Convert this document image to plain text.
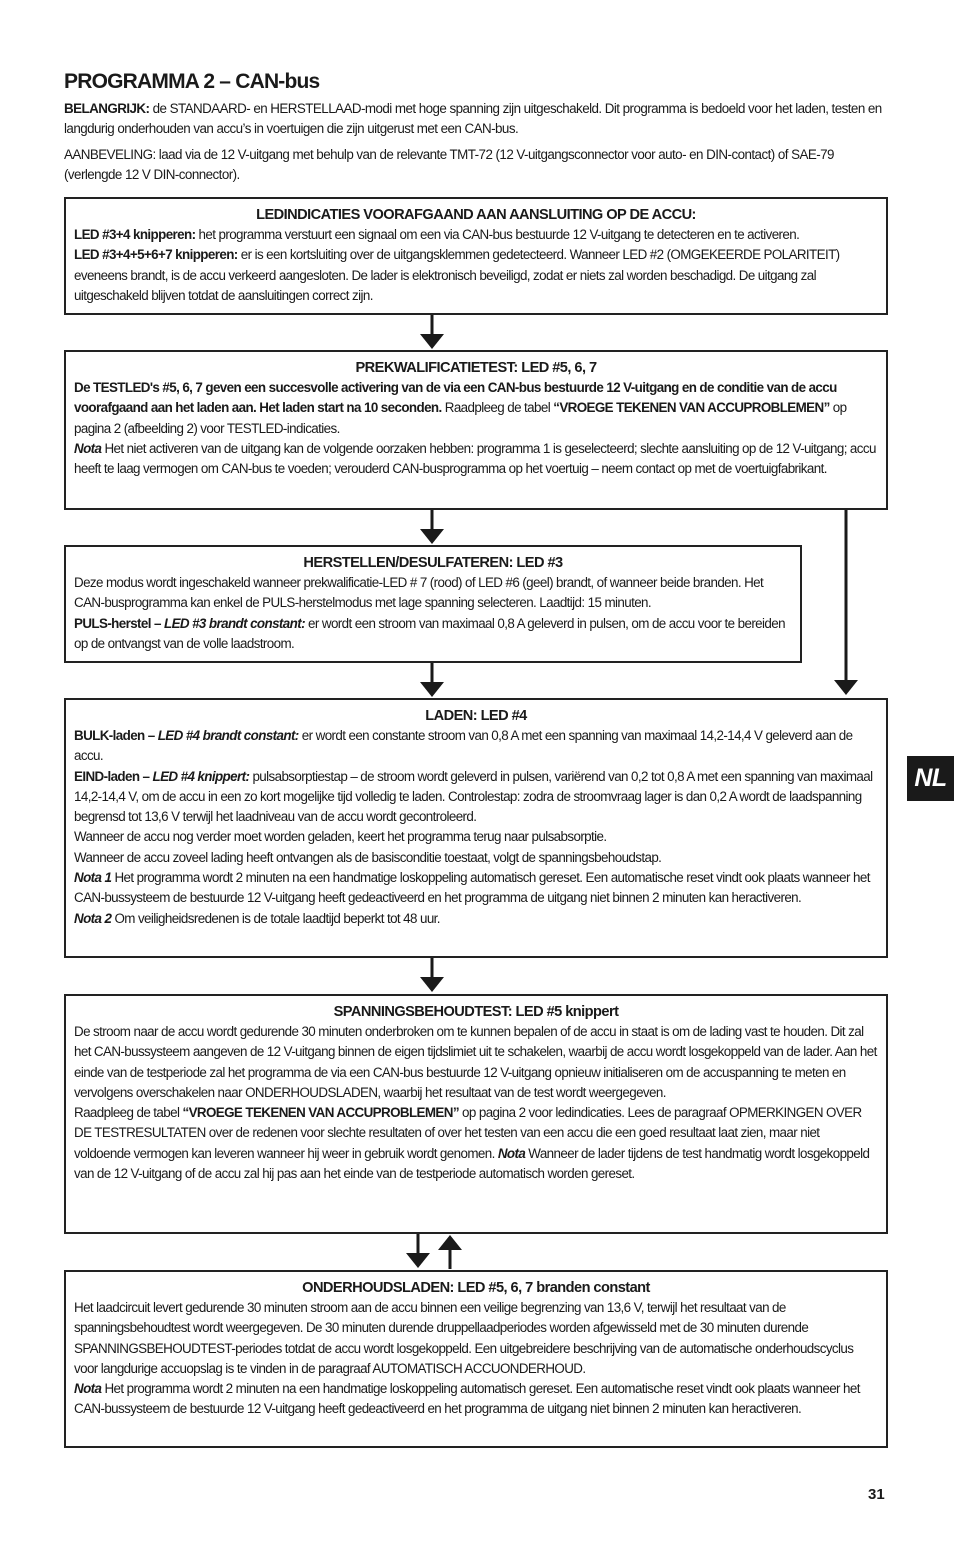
PROGRAMMA 2 – CAN-bus
BELANGRIJK: de STANDAARD- en HERSTELLAAD-modi met hoge spanning zijn uitgeschakeld. Dit programma is bedoeld voor het laden, testen en langdurig onderhouden van accu’s in voertuigen die zijn uitgerust met een CAN-bus.
AANBEVELING: laad via de 12 V-uitgang met behulp van de relevante TMT-72 (12 V-uitgangsconnector voor auto- en DIN-contact) of SAE-79 (verlengde 12 V DIN-connector).
LEDINDICATIES VOORAFGAAND AAN AANSLUITING OP DE ACCU:

LED #3+4 knipperen: het programma verstuurt een signaal om een via CAN-bus bestuurde 12 V-uitgang te detecteren en te activeren.
LED #3+4+5+6+7 knipperen: er is een kortsluiting over de uitgangsklemmen gedetecteerd. Wanneer LED #2 (OMGEKEERDE POLARITEIT) eveneens brandt, is de accu verkeerd aangesloten. De lader is elektronisch beveiligd, zodat er niets zal worden beschadigd. De uitgang zal uitgeschakeld blijven totdat de aansluitingen correct zijn.

PREKWALIFICATIETEST: LED #5, 6, 7

De TESTLED's #5, 6, 7 geven een succesvolle activering van de via een CAN-bus bestuurde 12 V-uitgang en de conditie van de accu voorafgaand aan het laden aan. Het laden start na 10 seconden. Raadpleeg de tabel “VROEGE TEKENEN VAN ACCUPROBLEMEN” op pagina 2 (afbeelding 2) voor TESTLED-indicaties.
Nota Het niet activeren van de uitgang kan de volgende oorzaken hebben: programma 1 is geselecteerd; slechte aansluiting op de 12 V-uitgang; accu heeft te laag vermogen om CAN-bus te voeden; verouderd CAN-busprogramma op het voertuig – neem contact op met de voertuigfabrikant.

HERSTELLEN/DESULFATEREN: LED #3

Deze modus wordt ingeschakeld wanneer prekwalificatie-LED # 7 (rood) of LED #6 (geel) brandt, of wanneer beide branden. Het CAN-busprogramma kan enkel de PULS-herstelmodus met lage spanning selecteren. Laadtijd: 15 minuten.
PULS-herstel – LED #3 brandt constant: er wordt een stroom van maximaal 0,8 A geleverd in pulsen, om de accu voor te bereiden op de ontvangst van de volle laadstroom.

LADEN: LED #4

BULK-laden – LED #4 brandt constant: er wordt een constante stroom van 0,8 A met een spanning van maximaal 14,2-14,4 V geleverd aan de accu.
EIND-laden – LED #4 knippert: pulsabsorptiestap – de stroom wordt geleverd in pulsen, variërend van 0,2 tot 0,8 A met een spanning van maximaal 14,2-14,4 V, om de accu in een zo kort mogelijke tijd volledig te laden. Controlestap: zodra de stroomvraag lager is dan 0,2 A wordt de laadspanning begrensd tot 13,6 V terwijl het laadniveau van de accu wordt gecontroleerd.
Wanneer de accu nog verder moet worden geladen, keert het programma terug naar pulsabsorptie.
Wanneer de accu zoveel lading heeft ontvangen als de basisconditie toestaat, volgt de spanningsbehoudstap.
Nota 1 Het programma wordt 2 minuten na een handmatige loskoppeling automatisch gereset. Een automatische reset vindt ook plaats wanneer het CAN-bussysteem de bestuurde 12 V-uitgang heeft gedeactiveerd en het programma de uitgang niet binnen 2 minuten kan heractiveren.
Nota 2 Om veiligheidsredenen is de totale laadtijd beperkt tot 48 uur.

SPANNINGSBEHOUDTEST: LED #5 knippert

De stroom naar de accu wordt gedurende 30 minuten onderbroken om te kunnen bepalen of de accu in staat is om de lading vast te houden. Dit zal het CAN-bussysteem aangeven de 12 V-uitgang binnen de eigen tijdslimiet uit te schakelen, waarbij de accu wordt losgekoppeld van de lader. Aan het einde van de testperiode zal het programma de via een CAN-bus bestuurde 12 V-uitgang opnieuw initialiseren om de accuspanning te meten en vervolgens overschakelen naar ONDERHOUDSLADEN, waarbij het resultaat van de test wordt weergegeven.
Raadpleeg de tabel “VROEGE TEKENEN VAN ACCUPROBLEMEN” op pagina 2 voor ledindicaties. Lees de paragraaf OPMERKINGEN OVER DE TESTRESULTATEN over de redenen voor slechte resultaten of over het testen van een accu die een goed resultaat laat zien, maar niet voldoende vermogen kan leveren wanneer hij weer in gebruik wordt genomen. Nota Wanneer de lader tijdens de test handmatig wordt losgekoppeld van de 12 V-uitgang of de accu zal hij pas aan het einde van de testperiode automatisch worden gereset.

ONDERHOUDSLADEN: LED #5, 6, 7 branden constant

Het laadcircuit levert gedurende 30 minuten stroom aan de accu binnen een veilige begrenzing van 13,6 V, terwijl het resultaat van de spanningsbehoudtest wordt weergegeven. De 30 minuten durende druppellaadperiodes worden afgewisseld met de 30 minuten durende SPANNINGSBEHOUDTEST-periodes totdat de accu wordt losgekoppeld. Een uitgebreidere beschrijving van de automatische onderhoudscyclus voor langdurige accuopslag is te vinden in de paragraaf AUTOMATISCH ACCUONDERHOUD.
Nota Het programma wordt 2 minuten na een handmatige loskoppeling automatisch gereset. Een automatische reset vindt ook plaats wanneer het CAN-bussysteem de bestuurde 12 V-uitgang heeft gedeactiveerd en het programma de uitgang niet binnen 2 minuten kan heractiveren.

NL
31
